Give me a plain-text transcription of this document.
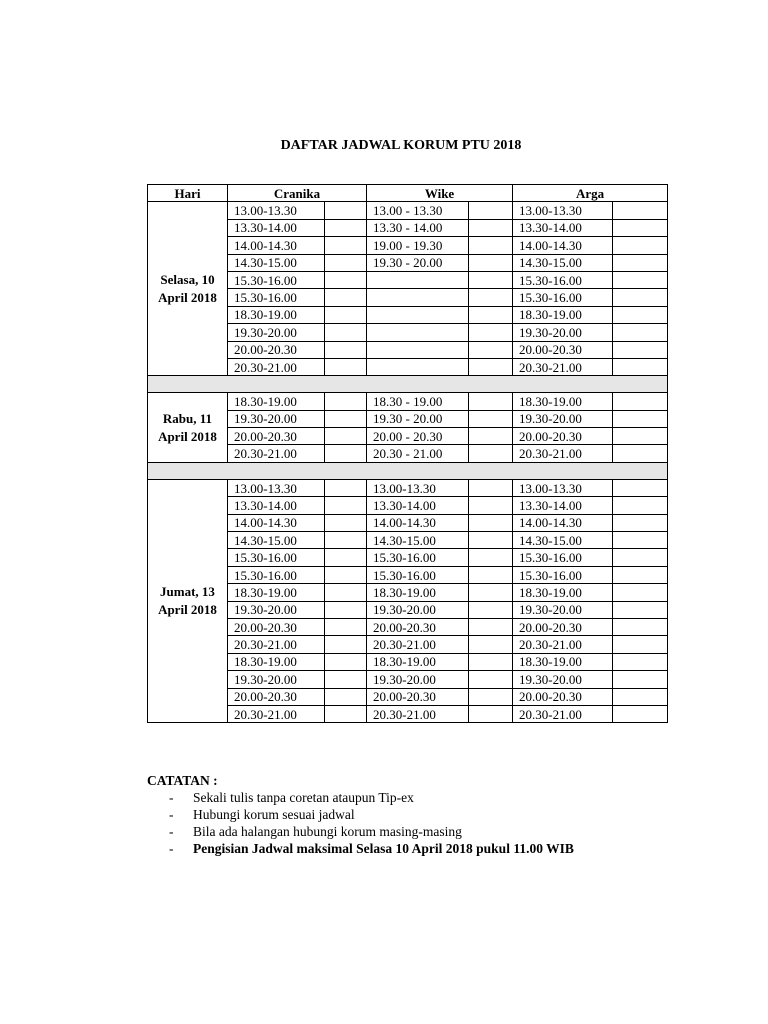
DAFTAR JADWAL KORUM PTU 2018
Hari	Cranika		Wike		Arga	
Selasa, 10 April 2018	13.00-13.30		13.00 - 13.30		13.00-13.30	
	13.30-14.00		13.30 - 14.00		13.30-14.00	
	14.00-14.30		19.00 - 19.30		14.00-14.30	
	14.30-15.00		19.30 - 20.00		14.30-15.00	
	15.30-16.00				15.30-16.00	
	15.30-16.00				15.30-16.00	
	18.30-19.00				18.30-19.00	
	19.30-20.00				19.30-20.00	
	20.00-20.30				20.00-20.30	
	20.30-21.00				20.30-21.00	

Rabu, 11 April 2018	18.30-19.00		18.30 - 19.00		18.30-19.00	
	19.30-20.00		19.30 - 20.00		19.30-20.00	
	20.00-20.30		20.00 - 20.30		20.00-20.30	
	20.30-21.00		20.30 - 21.00		20.30-21.00	

Jumat, 13 April 2018	13.00-13.30		13.00-13.30		13.00-13.30	
	13.30-14.00		13.30-14.00		13.30-14.00	
	14.00-14.30		14.00-14.30		14.00-14.30	
	14.30-15.00		14.30-15.00		14.30-15.00	
	15.30-16.00		15.30-16.00		15.30-16.00	
	15.30-16.00		15.30-16.00		15.30-16.00	
	18.30-19.00		18.30-19.00		18.30-19.00	
	19.30-20.00		19.30-20.00		19.30-20.00	
	20.00-20.30		20.00-20.30		20.00-20.30	
	20.30-21.00		20.30-21.00		20.30-21.00	
	18.30-19.00		18.30-19.00		18.30-19.00	
	19.30-20.00		19.30-20.00		19.30-20.00	
	20.00-20.30		20.00-20.30		20.00-20.30	
	20.30-21.00		20.30-21.00		20.30-21.00	

CATATAN :

- Sekali tulis tanpa coretan ataupun Tip-ex
- Hubungi korum sesuai jadwal
- Bila ada halangan hubungi korum masing-masing
- Pengisian Jadwal maksimal Selasa 10 April 2018 pukul 11.00 WIB
